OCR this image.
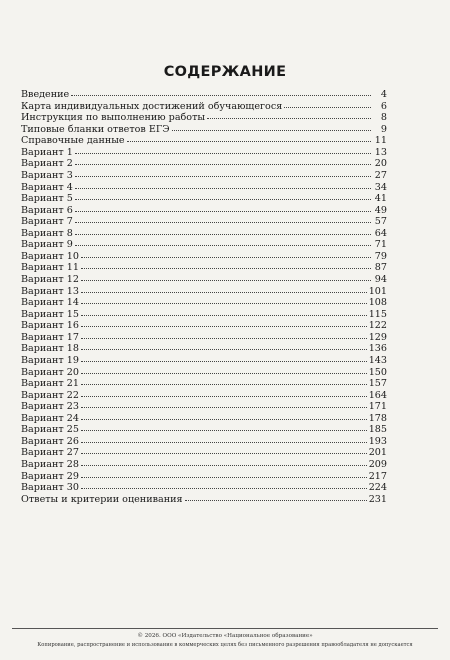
СОДЕРЖАНИЕ
Введение	4
Карта индивидуальных достижений обучающегося	6
Инструкция по выполнению работы	8
Типовые бланки ответов ЕГЭ	9
Справочные данные	11
Вариант 1	13
Вариант 2	20
Вариант 3	27
Вариант 4	34
Вариант 5	41
Вариант 6	49
Вариант 7	57
Вариант 8	64
Вариант 9	71
Вариант 10	79
Вариант 11	87
Вариант 12	94
Вариант 13	101
Вариант 14	108
Вариант 15	115
Вариант 16	122
Вариант 17	129
Вариант 18	136
Вариант 19	143
Вариант 20	150
Вариант 21	157
Вариант 22	164
Вариант 23	171
Вариант 24	178
Вариант 25	185
Вариант 26	193
Вариант 27	201
Вариант 28	209
Вариант 29	217
Вариант 30	224
Ответы и критерии оценивания	231
© 2026. ООО «Издательство «Национальное образование»
Копирование, распространение и использование в коммерческих целях без письменного разрешения правообладателя не допускается
